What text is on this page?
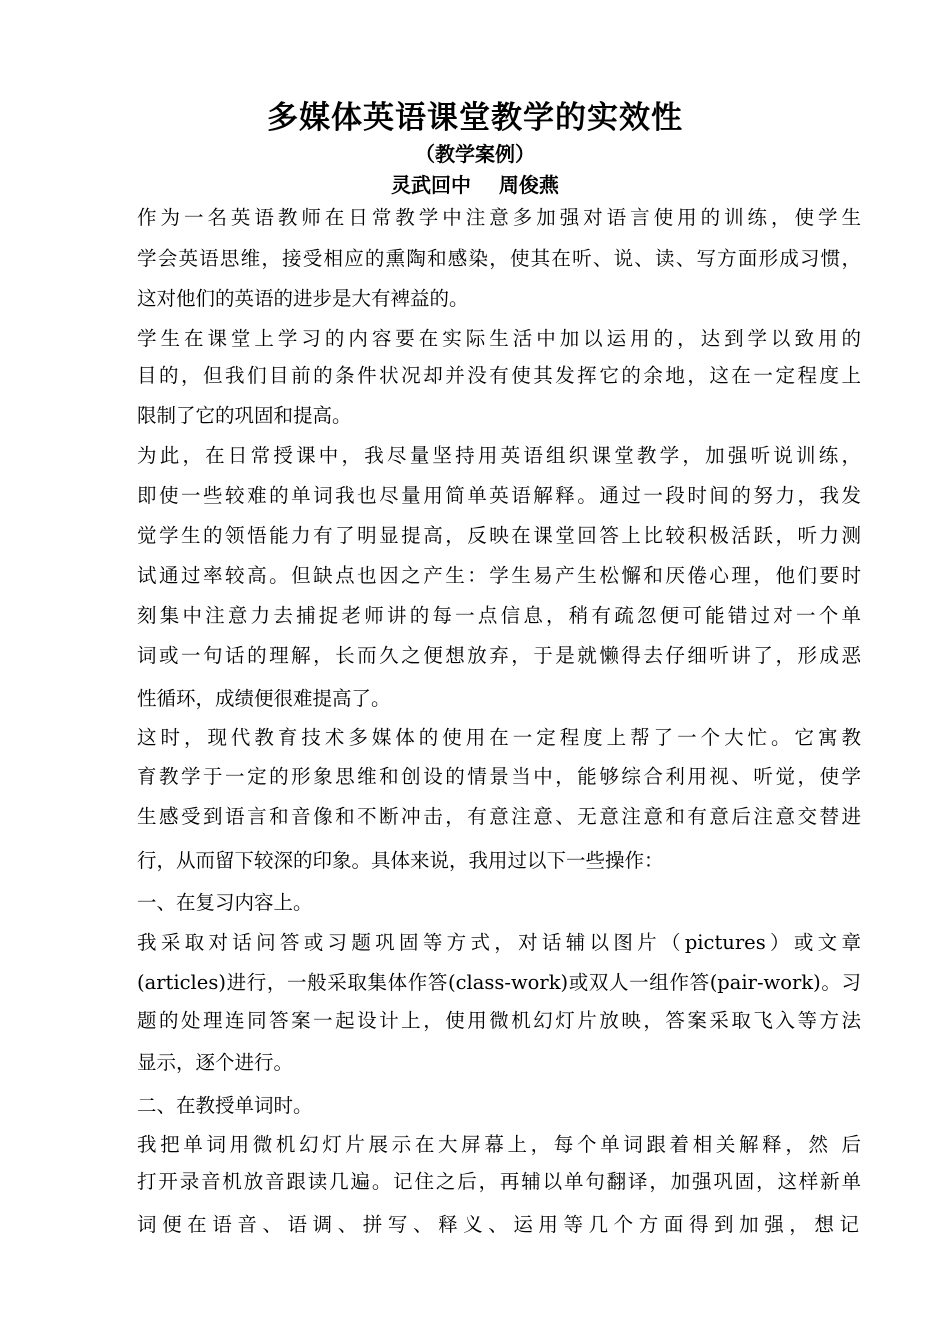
多媒体英语课堂教学的实效性
（教学案例）
灵武回中    周俊燕
作为一名英语教师在日常教学中注意多加强对语言使用的训练，使学生
学会英语思维，接受相应的熏陶和感染，使其在听、说、读、写方面形成习惯，
这对他们的英语的进步是大有裨益的。
学生在课堂上学习的内容要在实际生活中加以运用的，达到学以致用的
目的，但我们目前的条件状况却并没有使其发挥它的余地，这在一定程度上
限制了它的巩固和提高。
为此，在日常授课中，我尽量坚持用英语组织课堂教学，加强听说训练，
即使一些较难的单词我也尽量用简单英语解释。通过一段时间的努力，我发
觉学生的领悟能力有了明显提高，反映在课堂回答上比较积极活跃，听力测
试通过率较高。但缺点也因之产生：学生易产生松懈和厌倦心理，他们要时
刻集中注意力去捕捉老师讲的每一点信息，稍有疏忽便可能错过对一个单
词或一句话的理解，长而久之便想放弃，于是就懒得去仔细听讲了，形成恶
性循环，成绩便很难提高了。
这时，现代教育技术多媒体的使用在一定程度上帮了一个大忙。它寓教
育教学于一定的形象思维和创设的情景当中，能够综合利用视、听觉，使学
生感受到语言和音像和不断冲击，有意注意、无意注意和有意后注意交替进
行，从而留下较深的印象。具体来说，我用过以下一些操作：
一、在复习内容上。
我采取对话问答或习题巩固等方式，对话辅以图片（pictures）或文章
(articles)进行，一般采取集体作答(class-work)或双人一组作答(pair-work)。习
题的处理连同答案一起设计上，使用微机幻灯片放映，答案采取飞入等方法
显示，逐个进行。
二、在教授单词时。
我把单词用微机幻灯片展示在大屏幕上，每个单词跟着相关解释，然 后
打开录音机放音跟读几遍。记住之后，再辅以单句翻译，加强巩固，这样新单
词便在语音、语调、拼写、释义、运用等几个方面得到加强，想记
